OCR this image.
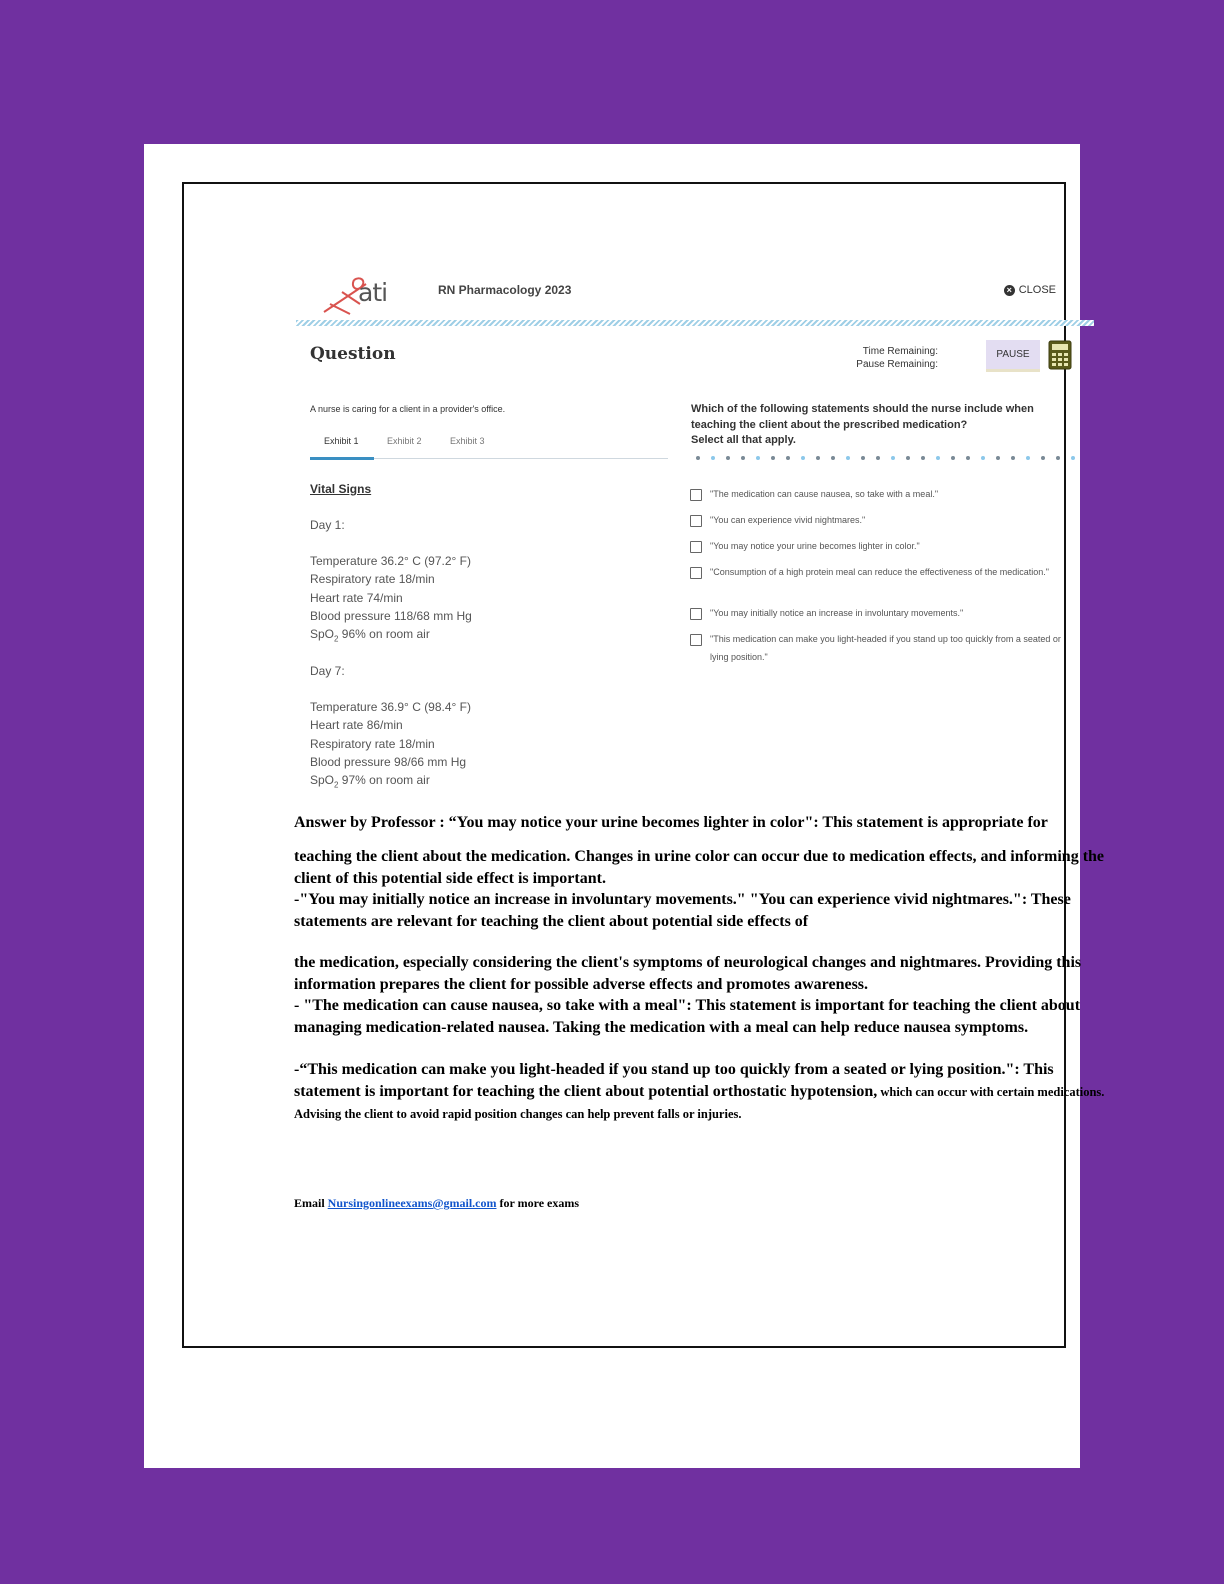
ati	RN Pharmacology 2023	× CLOSE
Question	Time Remaining:
Pause Remaining:
PAUSE
A nurse is caring for a client in a provider's office.
Exhibit 1	Exhibit 2	Exhibit 3
Vital Signs
Day 1:
Temperature 36.2° C (97.2° F)
Respiratory rate 18/min
Heart rate 74/min
Blood pressure 118/68 mm Hg
SpO$_2$ 96% on room air
Day 7:
Temperature 36.9° C (98.4° F)
Heart rate 86/min
Respiratory rate 18/min
Blood pressure 98/66 mm Hg
SpO$_2$ 97% on room air
Which of the following statements should the nurse include when
teaching the client about the prescribed medication?
Select all that apply.
"The medication can cause nausea, so take with a meal."
"You can experience vivid nightmares."
"You may notice your urine becomes lighter in color."
"Consumption of a high protein meal can reduce the effectiveness of the medication."
"You may initially notice an increase in involuntary movements."
"This medication can make you light-headed if you stand up too quickly from a seated or lying position."
Answer by Professor : “You may notice your urine becomes lighter in color": This statement is appropriate for
teaching the client about the medication. Changes in urine color can occur due to medication effects, and informing the client of this potential side effect is important.
-"You may initially notice an increase in involuntary movements." "You can experience vivid nightmares.": These statements are relevant for teaching the client about potential side effects of
the medication, especially considering the client's symptoms of neurological changes and nightmares. Providing this information prepares the client for possible adverse effects and promotes awareness.
- "The medication can cause nausea, so take with a meal": This statement is important for teaching the client about managing medication-related nausea. Taking the medication with a meal can help reduce nausea symptoms.
-“This medication can make you light-headed if you stand up too quickly from a seated or lying position.": This statement is important for teaching the client about potential orthostatic hypotension, which can occur with certain medications. Advising the client to avoid rapid position changes can help prevent falls or injuries.
Email Nursingonlineexams@gmail.com for more exams
